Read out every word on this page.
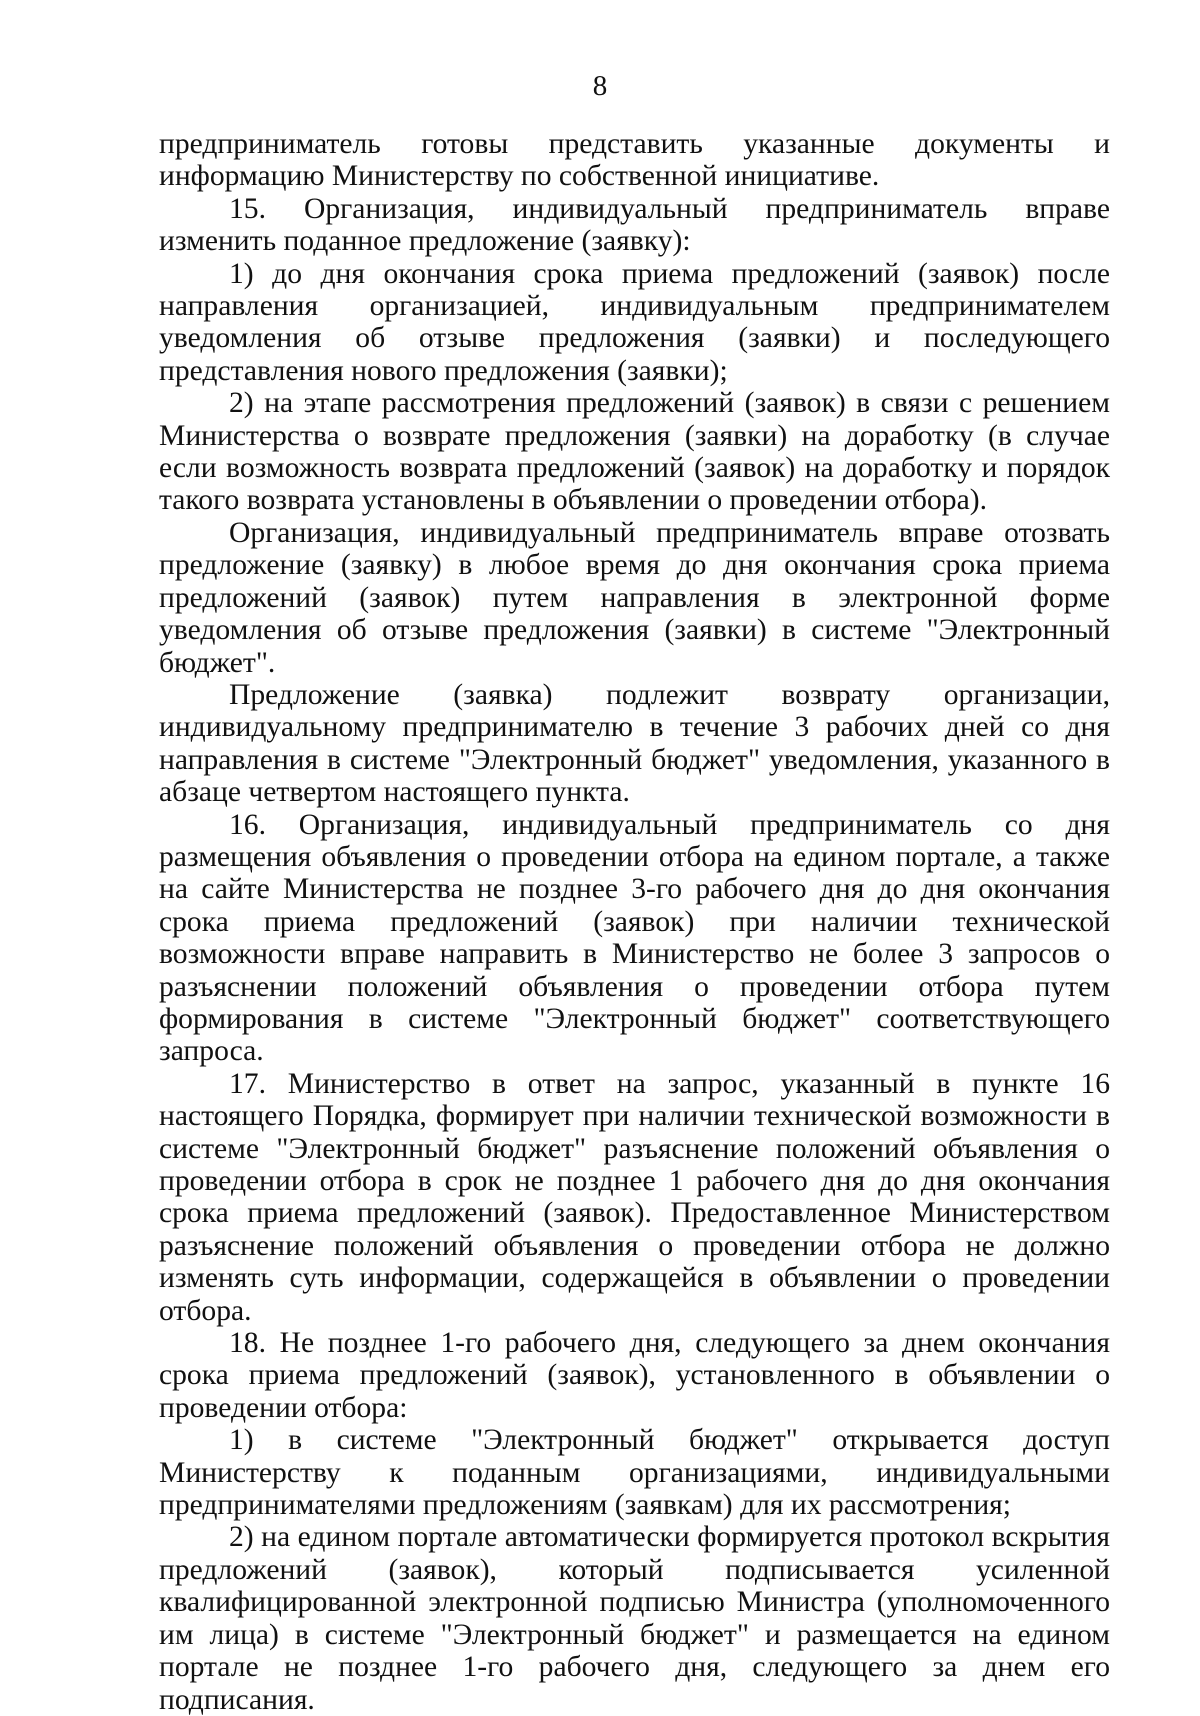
8

предприниматель готовы представить указанные документы и информацию Министерству по собственной инициативе.

15. Организация, индивидуальный предприниматель вправе изменить поданное предложение (заявку):

1) до дня окончания срока приема предложений (заявок) после направления организацией, индивидуальным предпринимателем уведомления об отзыве предложения (заявки) и последующего представления нового предложения (заявки);

2) на этапе рассмотрения предложений (заявок) в связи с решением Министерства о возврате предложения (заявки) на доработку (в случае если возможность возврата предложений (заявок) на доработку и порядок такого возврата установлены в объявлении о проведении отбора).

Организация, индивидуальный предприниматель вправе отозвать предложение (заявку) в любое время до дня окончания срока приема предложений (заявок) путем направления в электронной форме уведомления об отзыве предложения (заявки) в системе "Электронный бюджет".

Предложение (заявка) подлежит возврату организации, индивидуальному предпринимателю в течение 3 рабочих дней со дня направления в системе "Электронный бюджет" уведомления, указанного в абзаце четвертом настоящего пункта.

16. Организация, индивидуальный предприниматель со дня размещения объявления о проведении отбора на едином портале, а также на сайте Министерства не позднее 3-го рабочего дня до дня окончания срока приема предложений (заявок) при наличии технической возможности вправе направить в Министерство не более 3 запросов о разъяснении положений объявления о проведении отбора путем формирования в системе "Электронный бюджет" соответствующего запроса.

17. Министерство в ответ на запрос, указанный в пункте 16 настоящего Порядка, формирует при наличии технической возможности в системе "Электронный бюджет" разъяснение положений объявления о проведении отбора в срок не позднее 1 рабочего дня до дня окончания срока приема предложений (заявок). Предоставленное Министерством разъяснение положений объявления о проведении отбора не должно изменять суть информации, содержащейся в объявлении о проведении отбора.

18. Не позднее 1-го рабочего дня, следующего за днем окончания срока приема предложений (заявок), установленного в объявлении о проведении отбора:

1) в системе "Электронный бюджет" открывается доступ Министерству к поданным организациями, индивидуальными предпринимателями предложениям (заявкам) для их рассмотрения;

2) на едином портале автоматически формируется протокол вскрытия предложений (заявок), который подписывается усиленной квалифицированной электронной подписью Министра (уполномоченного им лица) в системе "Электронный бюджет" и размещается на едином портале не позднее 1-го рабочего дня, следующего за днем его подписания.
